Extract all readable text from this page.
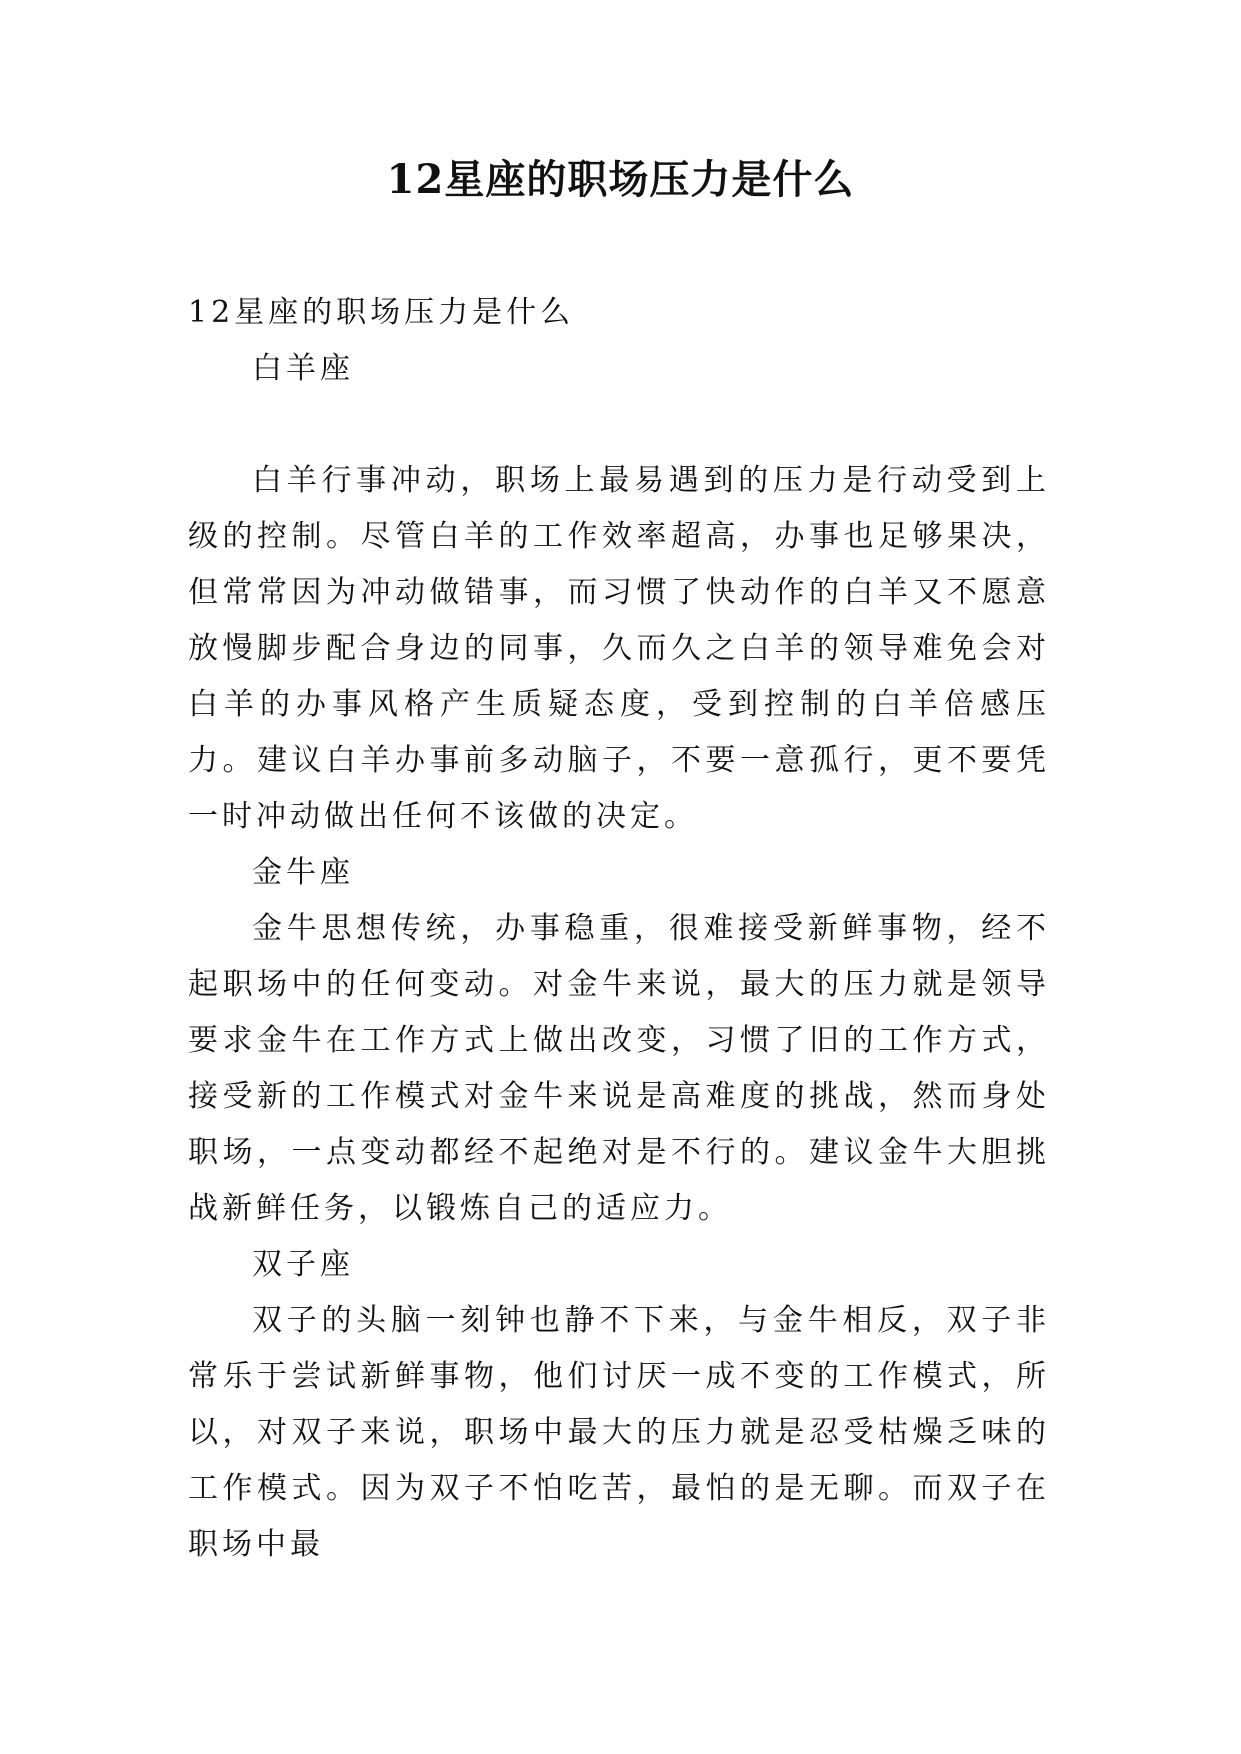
12星座的职场压力是什么
12星座的职场压力是什么
白羊座

白羊行事冲动，职场上最易遇到的压力是行动受到上级的控制。尽管白羊的工作效率超高，办事也足够果决，但常常因为冲动做错事，而习惯了快动作的白羊又不愿意放慢脚步配合身边的同事，久而久之白羊的领导难免会对白羊的办事风格产生质疑态度，受到控制的白羊倍感压力。建议白羊办事前多动脑子，不要一意孤行，更不要凭一时冲动做出任何不该做的决定。

金牛座

金牛思想传统，办事稳重，很难接受新鲜事物，经不起职场中的任何变动。对金牛来说，最大的压力就是领导要求金牛在工作方式上做出改变，习惯了旧的工作方式，接受新的工作模式对金牛来说是高难度的挑战，然而身处职场，一点变动都经不起绝对是不行的。建议金牛大胆挑战新鲜任务，以锻炼自己的适应力。

双子座

双子的头脑一刻钟也静不下来，与金牛相反，双子非常乐于尝试新鲜事物，他们讨厌一成不变的工作模式，所以，对双子来说，职场中最大的压力就是忍受枯燥乏味的工作模式。因为双子不怕吃苦，最怕的是无聊。而双子在职场中最
